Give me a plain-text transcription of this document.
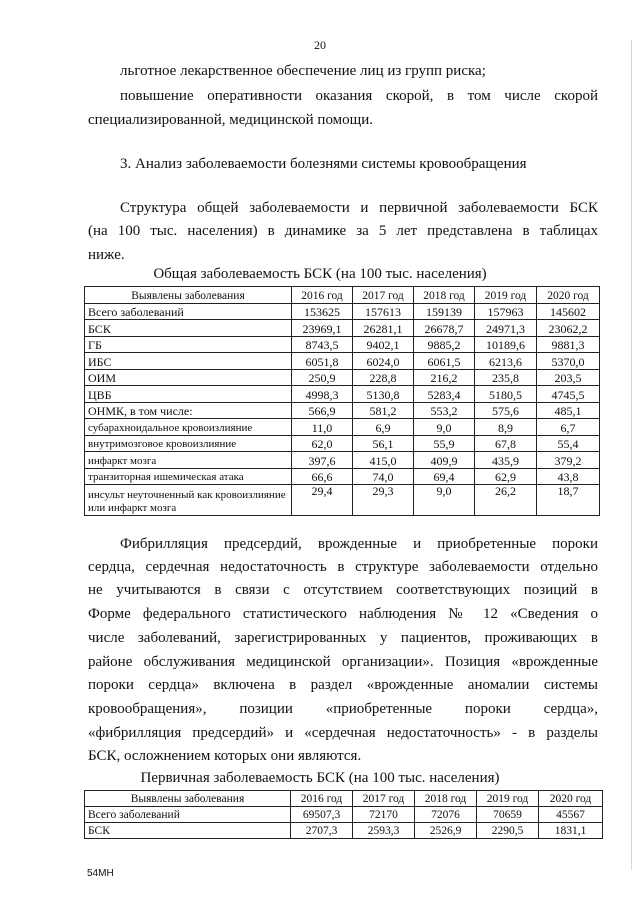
20
льготное лекарственное обеспечение лиц из групп риска;
повышение оперативности оказания скорой, в том числе скорой
специализированной, медицинской помощи.
3. Анализ заболеваемости болезнями системы кровообращения
Структура общей заболеваемости и первичной заболеваемости БСК
(на 100 тыс. населения) в динамике за 5 лет представлена в таблицах
ниже.
Общая заболеваемость БСК (на 100 тыс. населения)
Выявлены заболевания	2016 год	2017 год	2018 год	2019 год	2020 год
Всего заболеваний	153625	157613	159139	157963	145602
БСК	23969,1	26281,1	26678,7	24971,3	23062,2
ГБ	8743,5	9402,1	9885,2	10189,6	9881,3
ИБС	6051,8	6024,0	6061,5	6213,6	5370,0
ОИМ	250,9	228,8	216,2	235,8	203,5
ЦВБ	4998,3	5130,8	5283,4	5180,5	4745,5
ОНМК, в том числе:	566,9	581,2	553,2	575,6	485,1
субарахноидальное кровоизлияние	11,0	6,9	9,0	8,9	6,7
внутримозговое кровоизлияние	62,0	56,1	55,9	67,8	55,4
инфаркт мозга	397,6	415,0	409,9	435,9	379,2
транзиторная ишемическая атака	66,6	74,0	69,4	62,9	43,8
инсульт неуточненный как кровоизлияние или инфаркт мозга	29,4	29,3	9,0	26,2	18,7
Фибрилляция предсердий, врожденные и приобретенные пороки
сердца, сердечная недостаточность в структуре заболеваемости отдельно
не учитываются в связи с отсутствием соответствующих позиций в
Форме федерального статистического наблюдения № 12 «Сведения о
числе заболеваний, зарегистрированных у пациентов, проживающих в
районе обслуживания медицинской организации». Позиция «врожденные
пороки сердца» включена в раздел «врожденные аномалии системы
кровообращения», позиции «приобретенные пороки сердца»,
«фибрилляция предсердий» и «сердечная недостаточность» - в разделы
БСК, осложнением которых они являются.
Первичная заболеваемость БСК (на 100 тыс. населения)
Выявлены заболевания	2016 год	2017 год	2018 год	2019 год	2020 год
Всего заболеваний	69507,3	72170	72076	70659	45567
БСК	2707,3	2593,3	2526,9	2290,5	1831,1
54МН
